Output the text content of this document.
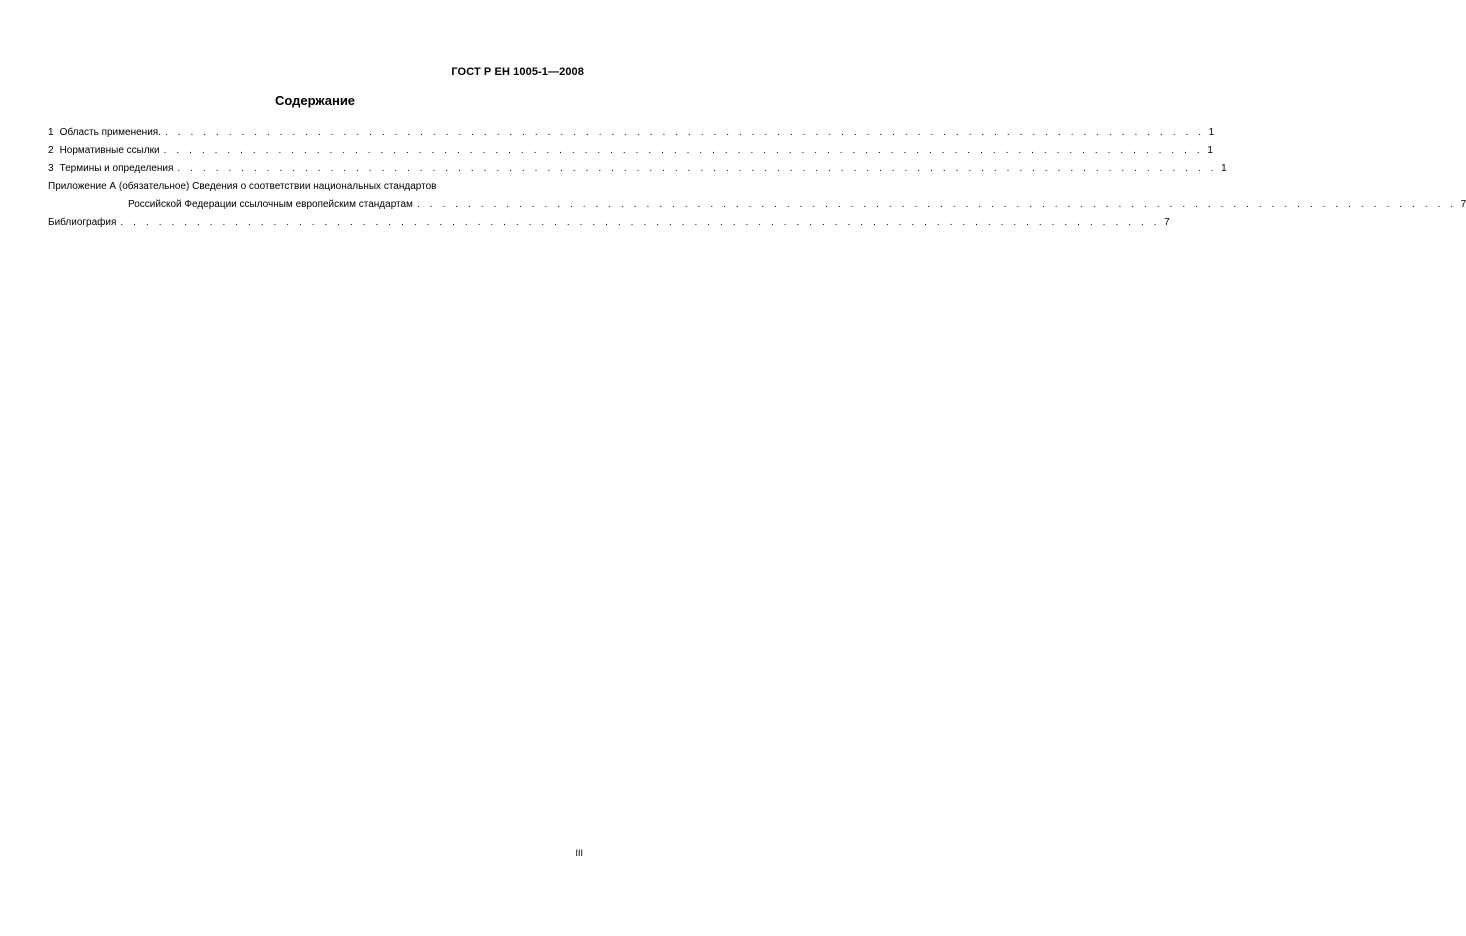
ГОСТ Р ЕН 1005-1—2008
Содержание
1 Область применения. . . . . . . . . . . . . . . . . . . . . . . . . . . . . . . . . . . . . . . . . . . . . . . . . . . . . . . . . . . . . . . . . . . . . . . . . . . . . . . . . . . 1
2 Нормативные ссылки . . . . . . . . . . . . . . . . . . . . . . . . . . . . . . . . . . . . . . . . . . . . . . . . . . . . . . . . . . . . . . . . . . . . . . . . . . . . . . . . . . 1
3 Термины и определения . . . . . . . . . . . . . . . . . . . . . . . . . . . . . . . . . . . . . . . . . . . . . . . . . . . . . . . . . . . . . . . . . . . . . . . . . . . . . . . . . . 1
Приложение А (обязательное) Сведения о соответствии национальных стандартов
Российской Федерации ссылочным европейским стандартам . . . . . . . . . . . . . . . . . . . . . . . . . . . . . . . . . . . . . . . . . . . . . . . . . . . . . . . . . . . . . . . . . . . . . . . . . . . . . . . . . . 7
Библиография . . . . . . . . . . . . . . . . . . . . . . . . . . . . . . . . . . . . . . . . . . . . . . . . . . . . . . . . . . . . . . . . . . . . . . . . . . . . . . . . . . 7
III
